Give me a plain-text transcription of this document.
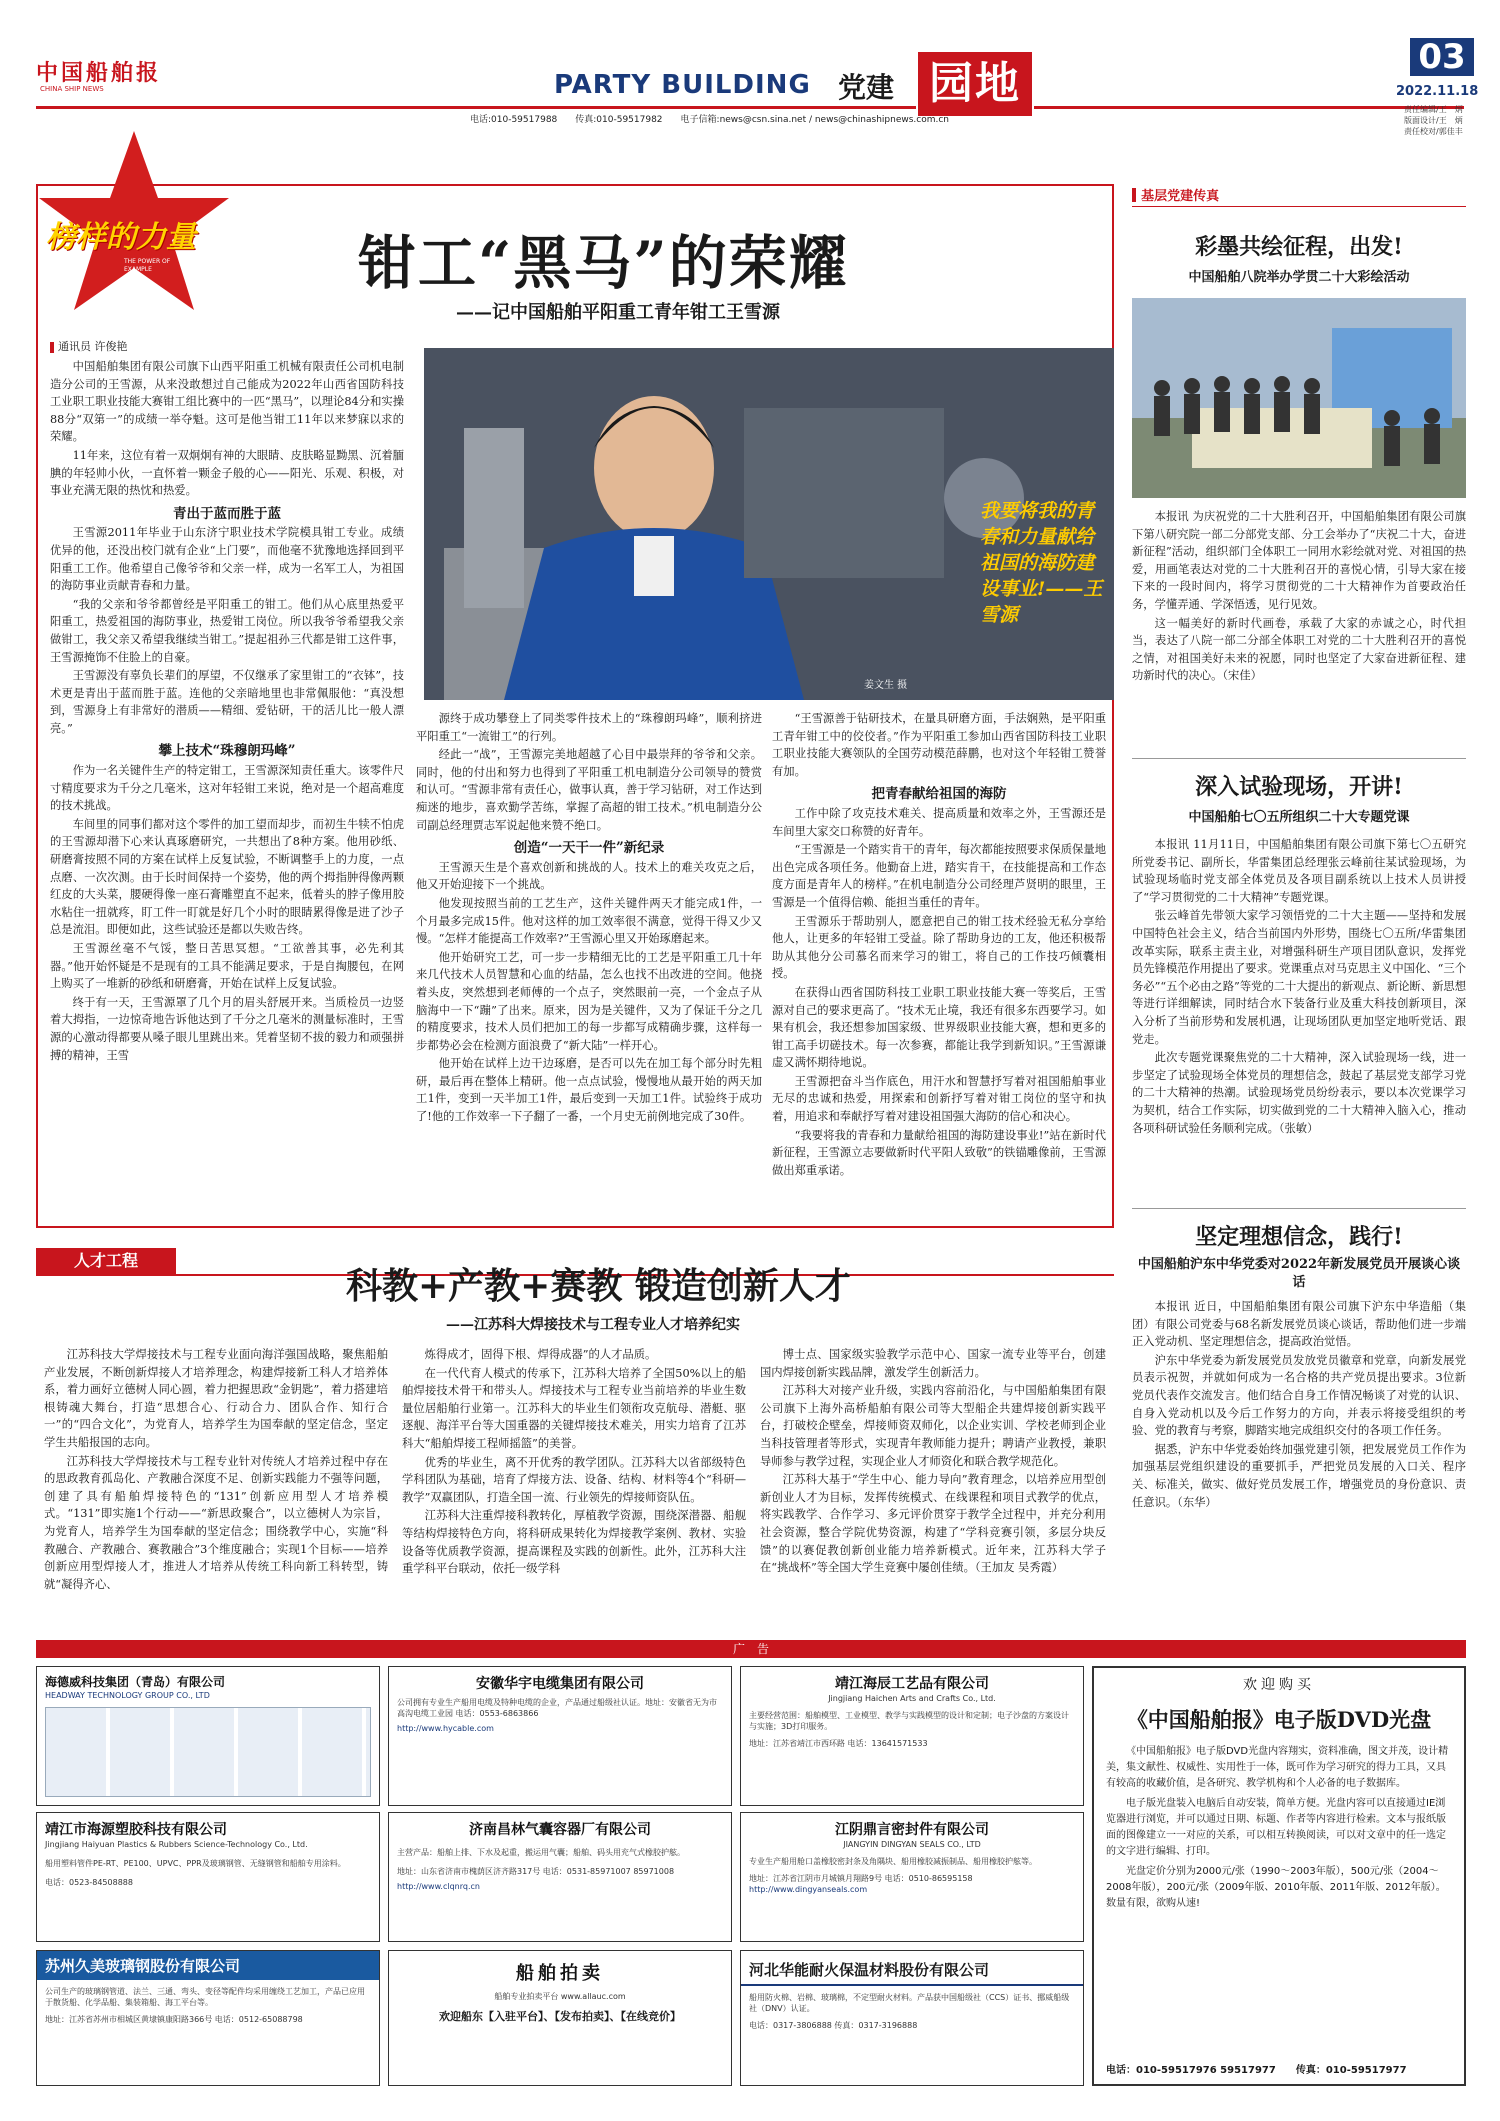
中国船舶报
CHINA SHIP NEWS	PARTY BUILDING 党建 园地
电话:010-59517988　　传真:010-59517982　　电子信箱:news@csn.sina.net / news@chinashipnews.com.cn
03
2022.11.18
责任编辑/王　炳
版面设计/王　炳
责任校对/郭佳丰
榜样的力量
THE POWER OF EXAMPLE	钳工“黑马”的荣耀
——记中国船舶平阳重工青年钳工王雪源
通讯员 许俊艳
我要将我的青春和力量献给祖国的海防建设事业!——王雪源
姜文生 摄

中国船舶集团有限公司旗下山西平阳重工机械有限责任公司机电制造分公司的王雪源，从来没敢想过自己能成为2022年山西省国防科技工业职工职业技能大赛钳工组比赛中的一匹“黑马”，以理论84分和实操88分“双第一”的成绩一举夺魁。这可是他当钳工11年以来梦寐以求的荣耀。

11年来，这位有着一双炯炯有神的大眼睛、皮肤略显黝黑、沉着腼腆的年轻帅小伙，一直怀着一颗金子般的心——阳光、乐观、积极，对事业充满无限的热忱和热爱。

青出于蓝而胜于蓝

王雪源2011年毕业于山东济宁职业技术学院模具钳工专业。成绩优异的他，还没出校门就有企业“上门要”，而他毫不犹豫地选择回到平阳重工工作。他希望自己像爷爷和父亲一样，成为一名军工人，为祖国的海防事业贡献青春和力量。

“我的父亲和爷爷都曾经是平阳重工的钳工。他们从心底里热爱平阳重工，热爱祖国的海防事业，热爱钳工岗位。所以我爷爷希望我父亲做钳工，我父亲又希望我继续当钳工。”提起祖孙三代都是钳工这件事，王雪源掩饰不住脸上的自豪。

王雪源没有辜负长辈们的厚望，不仅继承了家里钳工的“衣钵”，技术更是青出于蓝而胜于蓝。连他的父亲暗地里也非常佩服他：“真没想到，雪源身上有非常好的潜质——精细、爱钻研，干的活儿比一般人漂亮。”

攀上技术“珠穆朗玛峰”

作为一名关键件生产的特定钳工，王雪源深知责任重大。该零件尺寸精度要求为千分之几毫米，这对年轻钳工来说，绝对是一个超高难度的技术挑战。

车间里的同事们都对这个零件的加工望而却步，而初生牛犊不怕虎的王雪源却潜下心来认真琢磨研究，一共想出了8种方案。他用砂纸、研磨膏按照不同的方案在试样上反复试验，不断调整手上的力度，一点点磨、一次次测。由于长时间保持一个姿势，他的两个拇指肿得像两颗红皮的大头菜，腰硬得像一座石膏雕塑直不起来，低着头的脖子像用胶水粘住一扭就疼，盯工件一盯就是好几个小时的眼睛累得像是进了沙子总是流泪。即便如此，这些试验还是都以失败告终。

王雪源丝毫不气馁，整日苦思冥想。“工欲善其事，必先利其器。”他开始怀疑是不是现有的工具不能满足要求，于是自掏腰包，在网上购买了一堆新的砂纸和研磨膏，开始在试样上反复试验。

终于有一天，王雪源罩了几个月的眉头舒展开来。当质检员一边竖着大拇指，一边惊奇地告诉他达到了千分之几毫米的测量标准时，王雪源的心激动得都要从嗓子眼儿里跳出来。凭着坚韧不拔的毅力和顽强拼搏的精神，王雪

源终于成功攀登上了同类零件技术上的“珠穆朗玛峰”，顺利挤进平阳重工“一流钳工”的行列。

经此一“战”，王雪源完美地超越了心目中最崇拜的爷爷和父亲。同时，他的付出和努力也得到了平阳重工机电制造分公司领导的赞赏和认可。“雪源非常有责任心，做事认真，善于学习钻研，对工作达到痴迷的地步，喜欢勤学苦练，掌握了高超的钳工技术。”机电制造分公司副总经理贾志军说起他来赞不绝口。

创造“一天干一件”新纪录

王雪源天生是个喜欢创新和挑战的人。技术上的难关攻克之后，他又开始迎接下一个挑战。

他发现按照当前的工艺生产，这件关键件两天才能完成1件，一个月最多完成15件。他对这样的加工效率很不满意，觉得干得又少又慢。“怎样才能提高工作效率?”王雪源心里又开始琢磨起来。

他开始研究工艺，可一步一步精细无比的工艺是平阳重工几十年来几代技术人员智慧和心血的结晶，怎么也找不出改进的空间。他挠着头皮，突然想到老师傅的一个点子，突然眼前一亮，一个金点子从脑海中一下“蹦”了出来。原来，因为是关键件，又为了保证千分之几的精度要求，技术人员们把加工的每一步都写成精确步骤，这样每一步都势必会在检测方面浪费了“新大陆”一样开心。

他开始在试样上边干边琢磨，是否可以先在加工每个部分时先粗研，最后再在整体上精研。他一点点试验，慢慢地从最开始的两天加工1件，变到一天半加工1件，最后变到一天加工1件。试验终于成功了!他的工作效率一下子翻了一番，一个月史无前例地完成了30件。

“王雪源善于钻研技术，在量具研磨方面，手法娴熟，是平阳重工青年钳工中的佼佼者。”作为平阳重工参加山西省国防科技工业职工职业技能大赛领队的全国劳动模范薛鹏，也对这个年轻钳工赞誉有加。

把青春献给祖国的海防

工作中除了攻克技术难关、提高质量和效率之外，王雪源还是车间里大家交口称赞的好青年。

“王雪源是一个踏实肯干的青年，每次都能按照要求保质保量地出色完成各项任务。他勤奋上进，踏实肯干，在技能提高和工作态度方面是青年人的榜样。”在机电制造分公司经理芦贤明的眼里，王雪源是一个值得信赖、能担当重任的青年。

王雪源乐于帮助别人，愿意把自己的钳工技术经验无私分享给他人，让更多的年轻钳工受益。除了帮助身边的工友，他还积极帮助从其他分公司慕名而来学习的钳工，将自己的工作技巧倾囊相授。

在获得山西省国防科技工业职工职业技能大赛一等奖后，王雪源对自己的要求更高了。“技术无止境，我还有很多东西要学习。如果有机会，我还想参加国家级、世界级职业技能大赛，想和更多的钳工高手切磋技术。每一次参赛，都能让我学到新知识。”王雪源谦虚又满怀期待地说。

王雪源把奋斗当作底色，用汗水和智慧抒写着对祖国船舶事业无尽的忠诚和热爱，用探索和创新抒写着对钳工岗位的坚守和执着，用追求和奉献抒写着对建设祖国强大海防的信心和决心。

“我要将我的青春和力量献给祖国的海防建设事业!”站在新时代新征程，王雪源立志要做新时代平阳人致敬”的铁锚雕像前，王雪源做出郑重承诺。

人才工程
科教+产教+赛教 锻造创新人才
——江苏科大焊接技术与工程专业人才培养纪实

江苏科技大学焊接技术与工程专业面向海洋强国战略，聚焦船舶产业发展，不断创新焊接人才培养理念，构建焊接新工科人才培养体系，着力画好立德树人同心圆，着力把握思政“金钥匙”，着力搭建培根铸魂大舞台，打造“思想合心、行动合力、团队合作、知行合一”的“四合文化”，为党育人，培养学生为国奉献的坚定信念，坚定学生共船报国的志向。

江苏科技大学焊接技术与工程专业针对传统人才培养过程中存在的思政教育孤岛化、产教融合深度不足、创新实践能力不强等问题，创建了具有船舶焊接特色的“131”创新应用型人才培养模式。“131”即实施1个行动——“新思政聚合”，以立德树人为宗旨，为党育人，培养学生为国奉献的坚定信念；围绕教学中心，实施“科教融合、产教融合、赛教融合”3个维度融合；实现1个目标——培养创新应用型焊接人才，推进人才培养从传统工科向新工科转型，铸就“凝得齐心、

炼得成才，固得下根、焊得成器”的人才品质。

在一代代育人模式的传承下，江苏科大培养了全国50%以上的船舶焊接技术骨干和带头人。焊接技术与工程专业当前培养的毕业生数量位居船舶行业第一。江苏科大的毕业生们领衔攻克航母、潜艇、驱逐舰、海洋平台等大国重器的关键焊接技术难关，用实力培育了江苏科大“船舶焊接工程师摇篮”的美誉。

优秀的毕业生，离不开优秀的教学团队。江苏科大以省部级特色学科团队为基础，培育了焊接方法、设备、结构、材料等4个“科研—教学”双赢团队，打造全国一流、行业领先的焊接师资队伍。

江苏科大注重焊接科教转化，厚植教学资源，围绕深潜器、船舰等结构焊接特色方向，将科研成果转化为焊接教学案例、教材、实验设备等优质教学资源，提高课程及实践的创新性。此外，江苏科大注重学科平台联动，依托一级学科

博士点、国家级实验教学示范中心、国家一流专业等平台，创建国内焊接创新实践品牌，激发学生创新活力。

江苏科大对接产业升级，实践内容前沿化，与中国船舶集团有限公司旗下上海外高桥船舶有限公司等大型船企共建焊接创新实践平台，打破校企壁垒，焊接师资双师化，以企业实训、学校老师到企业当科技管理者等形式，实现青年教师能力提升；聘请产业教授，兼职导师参与教学过程，实现企业人才师资化和联合教学规范化。

江苏科大基于“学生中心、能力导向”教育理念，以培养应用型创新创业人才为目标，发挥传统模式、在线课程和项目式教学的优点，将实践教学、合作学习、多元评价贯穿于教学全过程中，并充分利用社会资源，整合学院优势资源，构建了“学科竞赛引领，多层分块反馈”的以赛促教创新创业能力培养新模式。近年来，江苏科大学子在“挑战杯”等全国大学生竞赛中屡创佳绩。（王加友 吴秀霞）

基层党建传真
彩墨共绘征程，出发!
中国船舶八院举办学贯二十大彩绘活动

本报讯 为庆祝党的二十大胜利召开，中国船舶集团有限公司旗下第八研究院一部二分部党支部、分工会举办了“庆祝二十大，奋进新征程”活动，组织部门全体职工一同用水彩绘就对党、对祖国的热爱，用画笔表达对党的二十大胜利召开的喜悦心情，引导大家在接下来的一段时间内，将学习贯彻党的二十大精神作为首要政治任务，学懂弄通、学深悟透，见行见效。

这一幅美好的新时代画卷，承载了大家的赤诚之心，时代担当，表达了八院一部二分部全体职工对党的二十大胜利召开的喜悦之情，对祖国美好未来的祝愿，同时也坚定了大家奋进新征程、建功新时代的决心。（宋佳）

深入试验现场，开讲!
中国船舶七〇五所组织二十大专题党课

本报讯 11月11日，中国船舶集团有限公司旗下第七〇五研究所党委书记、副所长，华雷集团总经理张云峰前往某试验现场，为试验现场临时党支部全体党员及各项目副系统以上技术人员讲授了“学习贯彻党的二十大精神”专题党课。

张云峰首先带领大家学习领悟党的二十大主题——坚持和发展中国特色社会主义，结合当前国内外形势，围绕七〇五所/华雷集团改革实际，联系主责主业，对增强科研生产项目团队意识，发挥党员先锋模范作用提出了要求。党课重点对马克思主义中国化、“三个务必”“五个必由之路”等党的二十大提出的新观点、新论断、新思想等进行详细解读，同时结合水下装备行业及重大科技创新项目，深入分析了当前形势和发展机遇，让现场团队更加坚定地听党话、跟党走。

此次专题党课聚焦党的二十大精神，深入试验现场一线，进一步坚定了试验现场全体党员的理想信念，鼓起了基层党支部学习党的二十大精神的热潮。试验现场党员纷纷表示，要以本次党课学习为契机，结合工作实际，切实做到党的二十大精神入脑入心，推动各项科研试验任务顺利完成。（张敏）

坚定理想信念，践行!
中国船舶沪东中华党委对2022年新发展党员开展谈心谈话

本报讯 近日，中国船舶集团有限公司旗下沪东中华造船（集团）有限公司党委与68名新发展党员谈心谈话，帮助他们进一步端正入党动机、坚定理想信念，提高政治觉悟。

沪东中华党委为新发展党员发放党员徽章和党章，向新发展党员表示祝贺，并就如何成为一名合格的共产党员提出要求。3位新党员代表作交流发言。他们结合自身工作情况畅谈了对党的认识、自身入党动机以及今后工作努力的方向，并表示将接受组织的考验、党的教育与考察，脚踏实地完成组织交付的各项工作任务。

据悉，沪东中华党委始终加强党建引领，把发展党员工作作为加强基层党组织建设的重要抓手，严把党员发展的入口关、程序关、标准关，做实、做好党员发展工作，增强党员的身份意识、责任意识。（东华）

广　告
海德威科技集团（青岛）有限公司
HEADWAY TECHNOLOGY GROUP CO., LTD
安徽华宇电缆集团有限公司
公司拥有专业生产船用电缆及特种电缆的企业，产品通过船级社认证。地址：安徽省无为市高沟电缆工业园 电话：0553-6863866
http://www.hycable.com
靖江海辰工艺品有限公司
Jingjiang Haichen Arts and Crafts Co., Ltd.
主要经营范围：船舶模型、工业模型、教学与实践模型的设计和定制；电子沙盘的方案设计与实施；3D打印服务。
地址：江苏省靖江市西环路 电话：13641571533
欢迎购买
《中国船舶报》电子版DVD光盘
《中国船舶报》电子版DVD光盘内容翔实，资料准确，图文并茂，设计精美，集文献性、权威性、实用性于一体，既可作为学习研究的得力工具，又具有较高的收藏价值，是各研究、教学机构和个人必备的电子数据库。
电子版光盘装入电脑后自动安装，简单方便。光盘内容可以直接通过IE浏览器进行浏览，并可以通过日期、标题、作者等内容进行检索。文本与报纸版面的图像建立一一对应的关系，可以相互转换阅读，可以对文章中的任一选定的文字进行编辑、打印。
光盘定价分别为2000元/张（1990～2003年版），500元/张（2004～2008年版），200元/张（2009年版、2010年版、2011年版、2012年版）。数量有限，欲购从速!
电话：010-59517976 59517977　　传真：010-59517977
靖江市海源塑胶科技有限公司
Jingjiang Haiyuan Plastics & Rubbers Science-Technology Co., Ltd.
船用塑料管件PE-RT、PE100、UPVC、PPR及玻璃钢管、无缝钢管和船舶专用涂料。
电话：0523-84508888
济南昌林气囊容器厂有限公司
主营产品：船舶上排、下水及起重，搬运用气囊；船舶、码头用充气式橡胶护舷。
地址：山东省济南市槐荫区济齐路317号 电话：0531-85971007 85971008
http://www.clqnrq.cn
江阴鼎言密封件有限公司
JIANGYIN DINGYAN SEALS CO., LTD
专业生产船用舱口盖橡胶密封条及角隅块、船用橡胶减振制品、船用橡胶护舷等。
地址：江苏省江阴市月城镇月翔路9号 电话：0510-86595158
http://www.dingyanseals.com
苏州久美玻璃钢股份有限公司
公司生产的玻璃钢管道、法兰、三通、弯头、变径等配件均采用缠绕工艺加工，产品已应用于散货船、化学品船、集装箱船、海工平台等。
地址：江苏省苏州市相城区黄埭镇康阳路366号 电话：0512-65088798
船舶拍卖
船舶专业拍卖平台 www.allauc.com
欢迎船东【入驻平台】、【发布拍卖】、【在线竞价】
河北华能耐火保温材料股份有限公司
船用防火棉、岩棉、玻璃棉，不定型耐火材料。产品获中国船级社（CCS）证书、挪威船级社（DNV）认证。
电话：0317-3806888 传真：0317-3196888
